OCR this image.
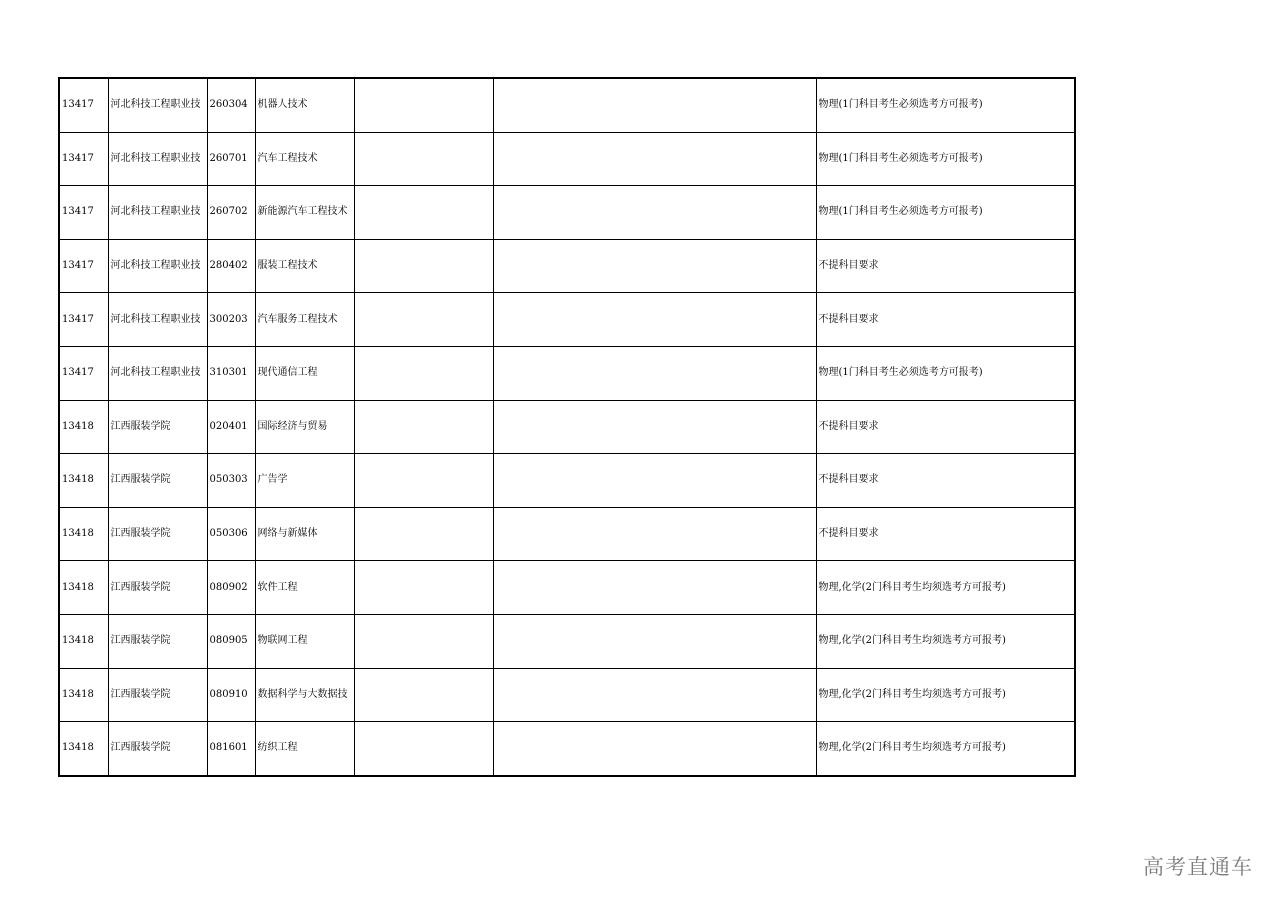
13417	河北科技工程职业技	260304	机器人技术			物理(1门科目考生必须选考方可报考)
13417	河北科技工程职业技	260701	汽车工程技术			物理(1门科目考生必须选考方可报考)
13417	河北科技工程职业技	260702	新能源汽车工程技术			物理(1门科目考生必须选考方可报考)
13417	河北科技工程职业技	280402	服装工程技术			不提科目要求
13417	河北科技工程职业技	300203	汽车服务工程技术			不提科目要求
13417	河北科技工程职业技	310301	现代通信工程			物理(1门科目考生必须选考方可报考)
13418	江西服装学院	020401	国际经济与贸易			不提科目要求
13418	江西服装学院	050303	广告学			不提科目要求
13418	江西服装学院	050306	网络与新媒体			不提科目要求
13418	江西服装学院	080902	软件工程			物理,化学(2门科目考生均须选考方可报考)
13418	江西服装学院	080905	物联网工程			物理,化学(2门科目考生均须选考方可报考)
13418	江西服装学院	080910	数据科学与大数据技			物理,化学(2门科目考生均须选考方可报考)
13418	江西服装学院	081601	纺织工程			物理,化学(2门科目考生均须选考方可报考)
高考直通车
